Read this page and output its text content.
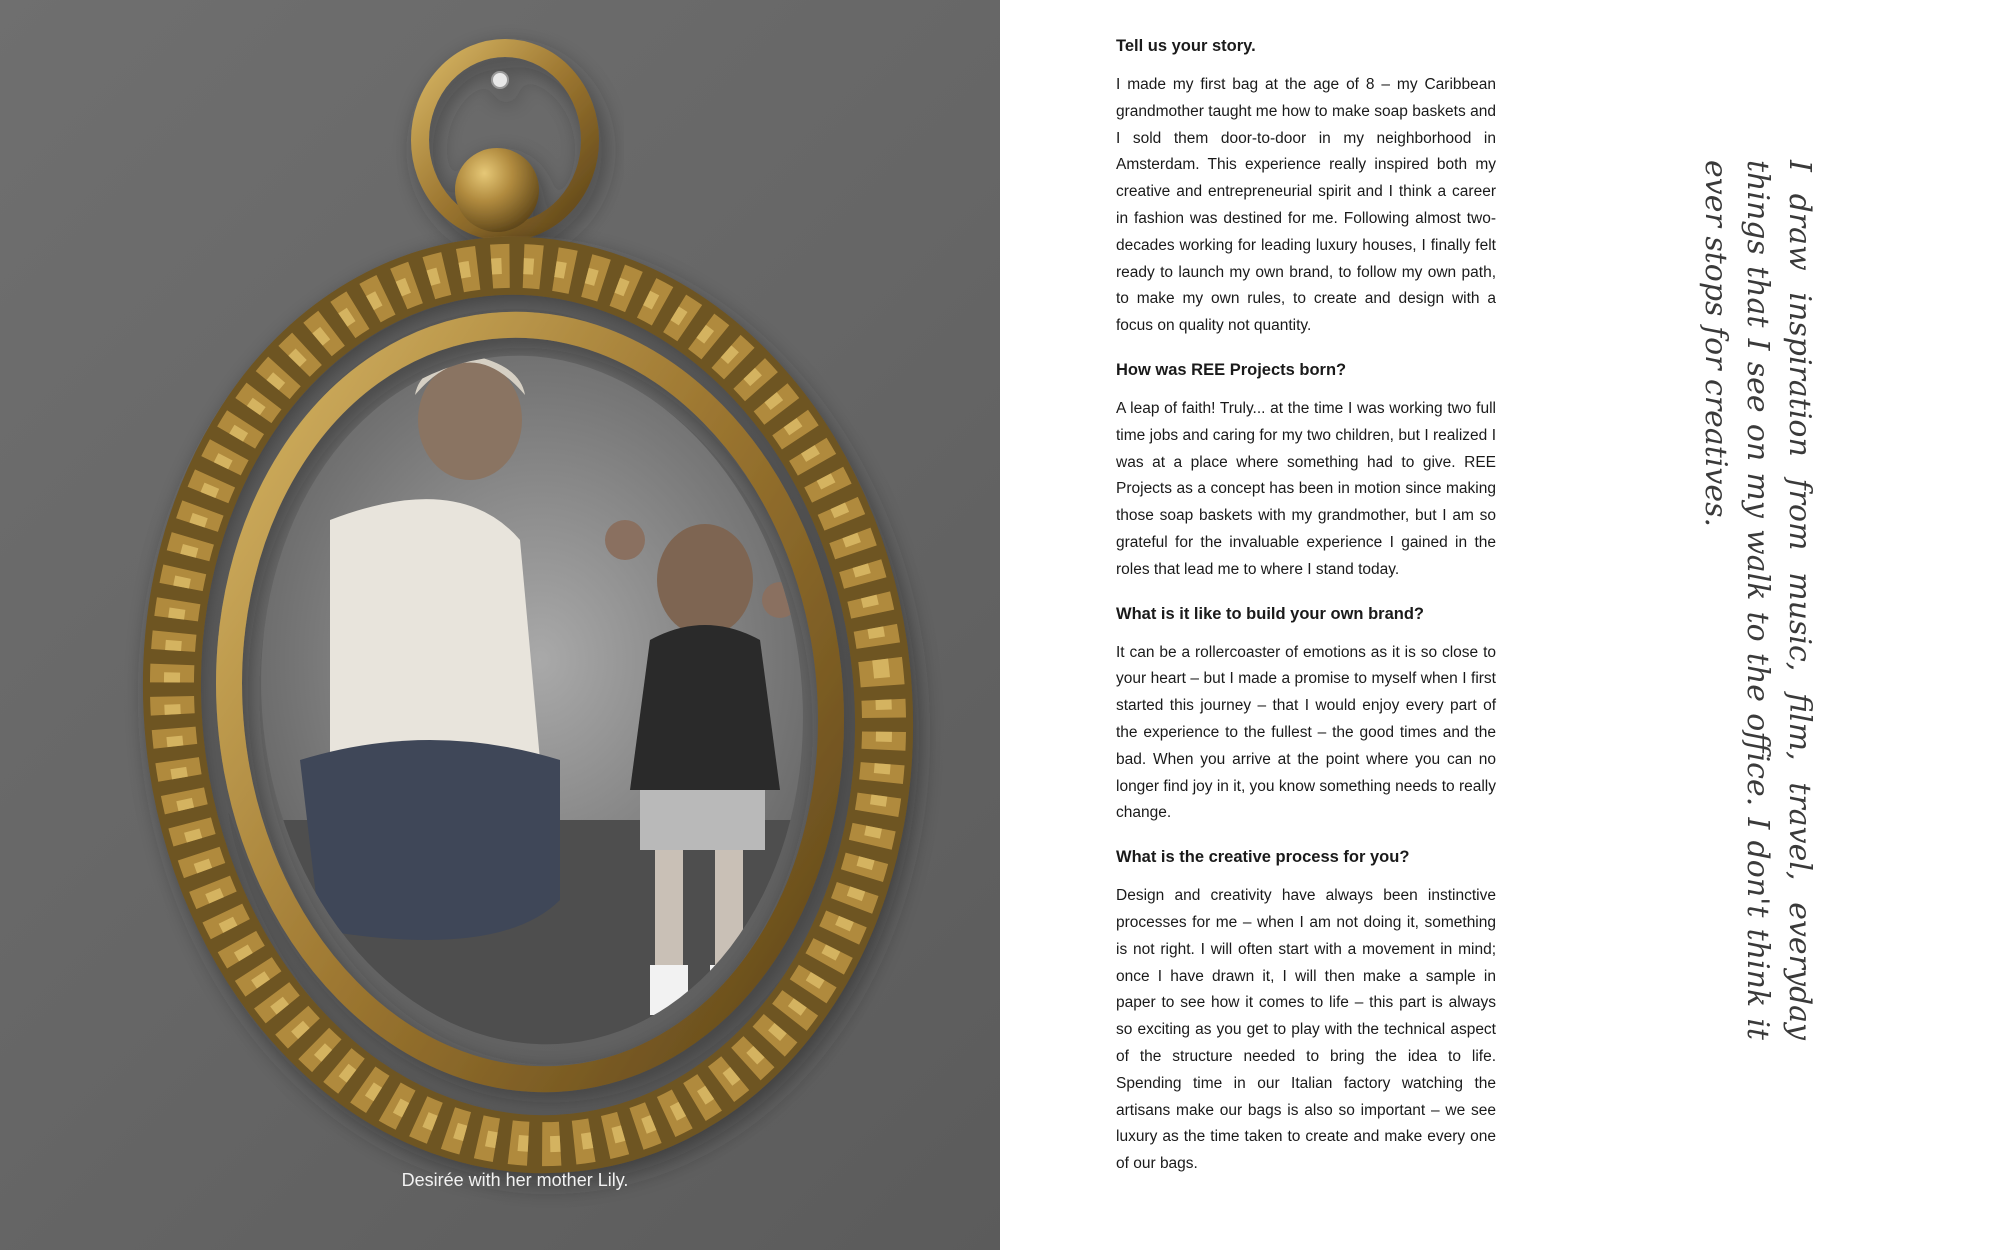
Desirée with her mother Lily.
Tell us your story.

I made my first bag at the age of 8 – my Caribbean grandmother taught me how to make soap baskets and I sold them door-to-door in my neighborhood in Amsterdam. This experience really inspired both my creative and entrepreneurial spirit and I think a career in fashion was destined for me. Following almost two-decades working for leading luxury houses, I finally felt ready to launch my own brand, to follow my own path, to make my own rules, to create and design with a focus on quality not quantity.

How was REE Projects born?

A leap of faith! Truly... at the time I was working two full time jobs and caring for my two children, but I realized I was at a place where something had to give. REE Projects as a concept has been in motion since making those soap baskets with my grandmother, but I am so grateful for the invaluable experience I gained in the roles that lead me to where I stand today.

What is it like to build your own brand?

It can be a rollercoaster of emotions as it is so close to your heart – but I made a promise to myself when I first started this journey – that I would enjoy every part of the experience to the fullest – the good times and the bad. When you arrive at the point where you can no longer find joy in it, you know something needs to really change.

What is the creative process for you?

Design and creativity have always been instinctive processes for me – when I am not doing it, something is not right. I will often start with a movement in mind; once I have drawn it, I will then make a sample in paper to see how it comes to life – this part is always so exciting as you get to play with the technical aspect of the structure needed to bring the idea to life. Spending time in our Italian factory watching the artisans make our bags is also so important – we see luxury as the time taken to create and make every one of our bags.

I draw inspiration from music, film, travel, everyday things that I see on my walk to the office. I don't think it ever stops for creatives.
